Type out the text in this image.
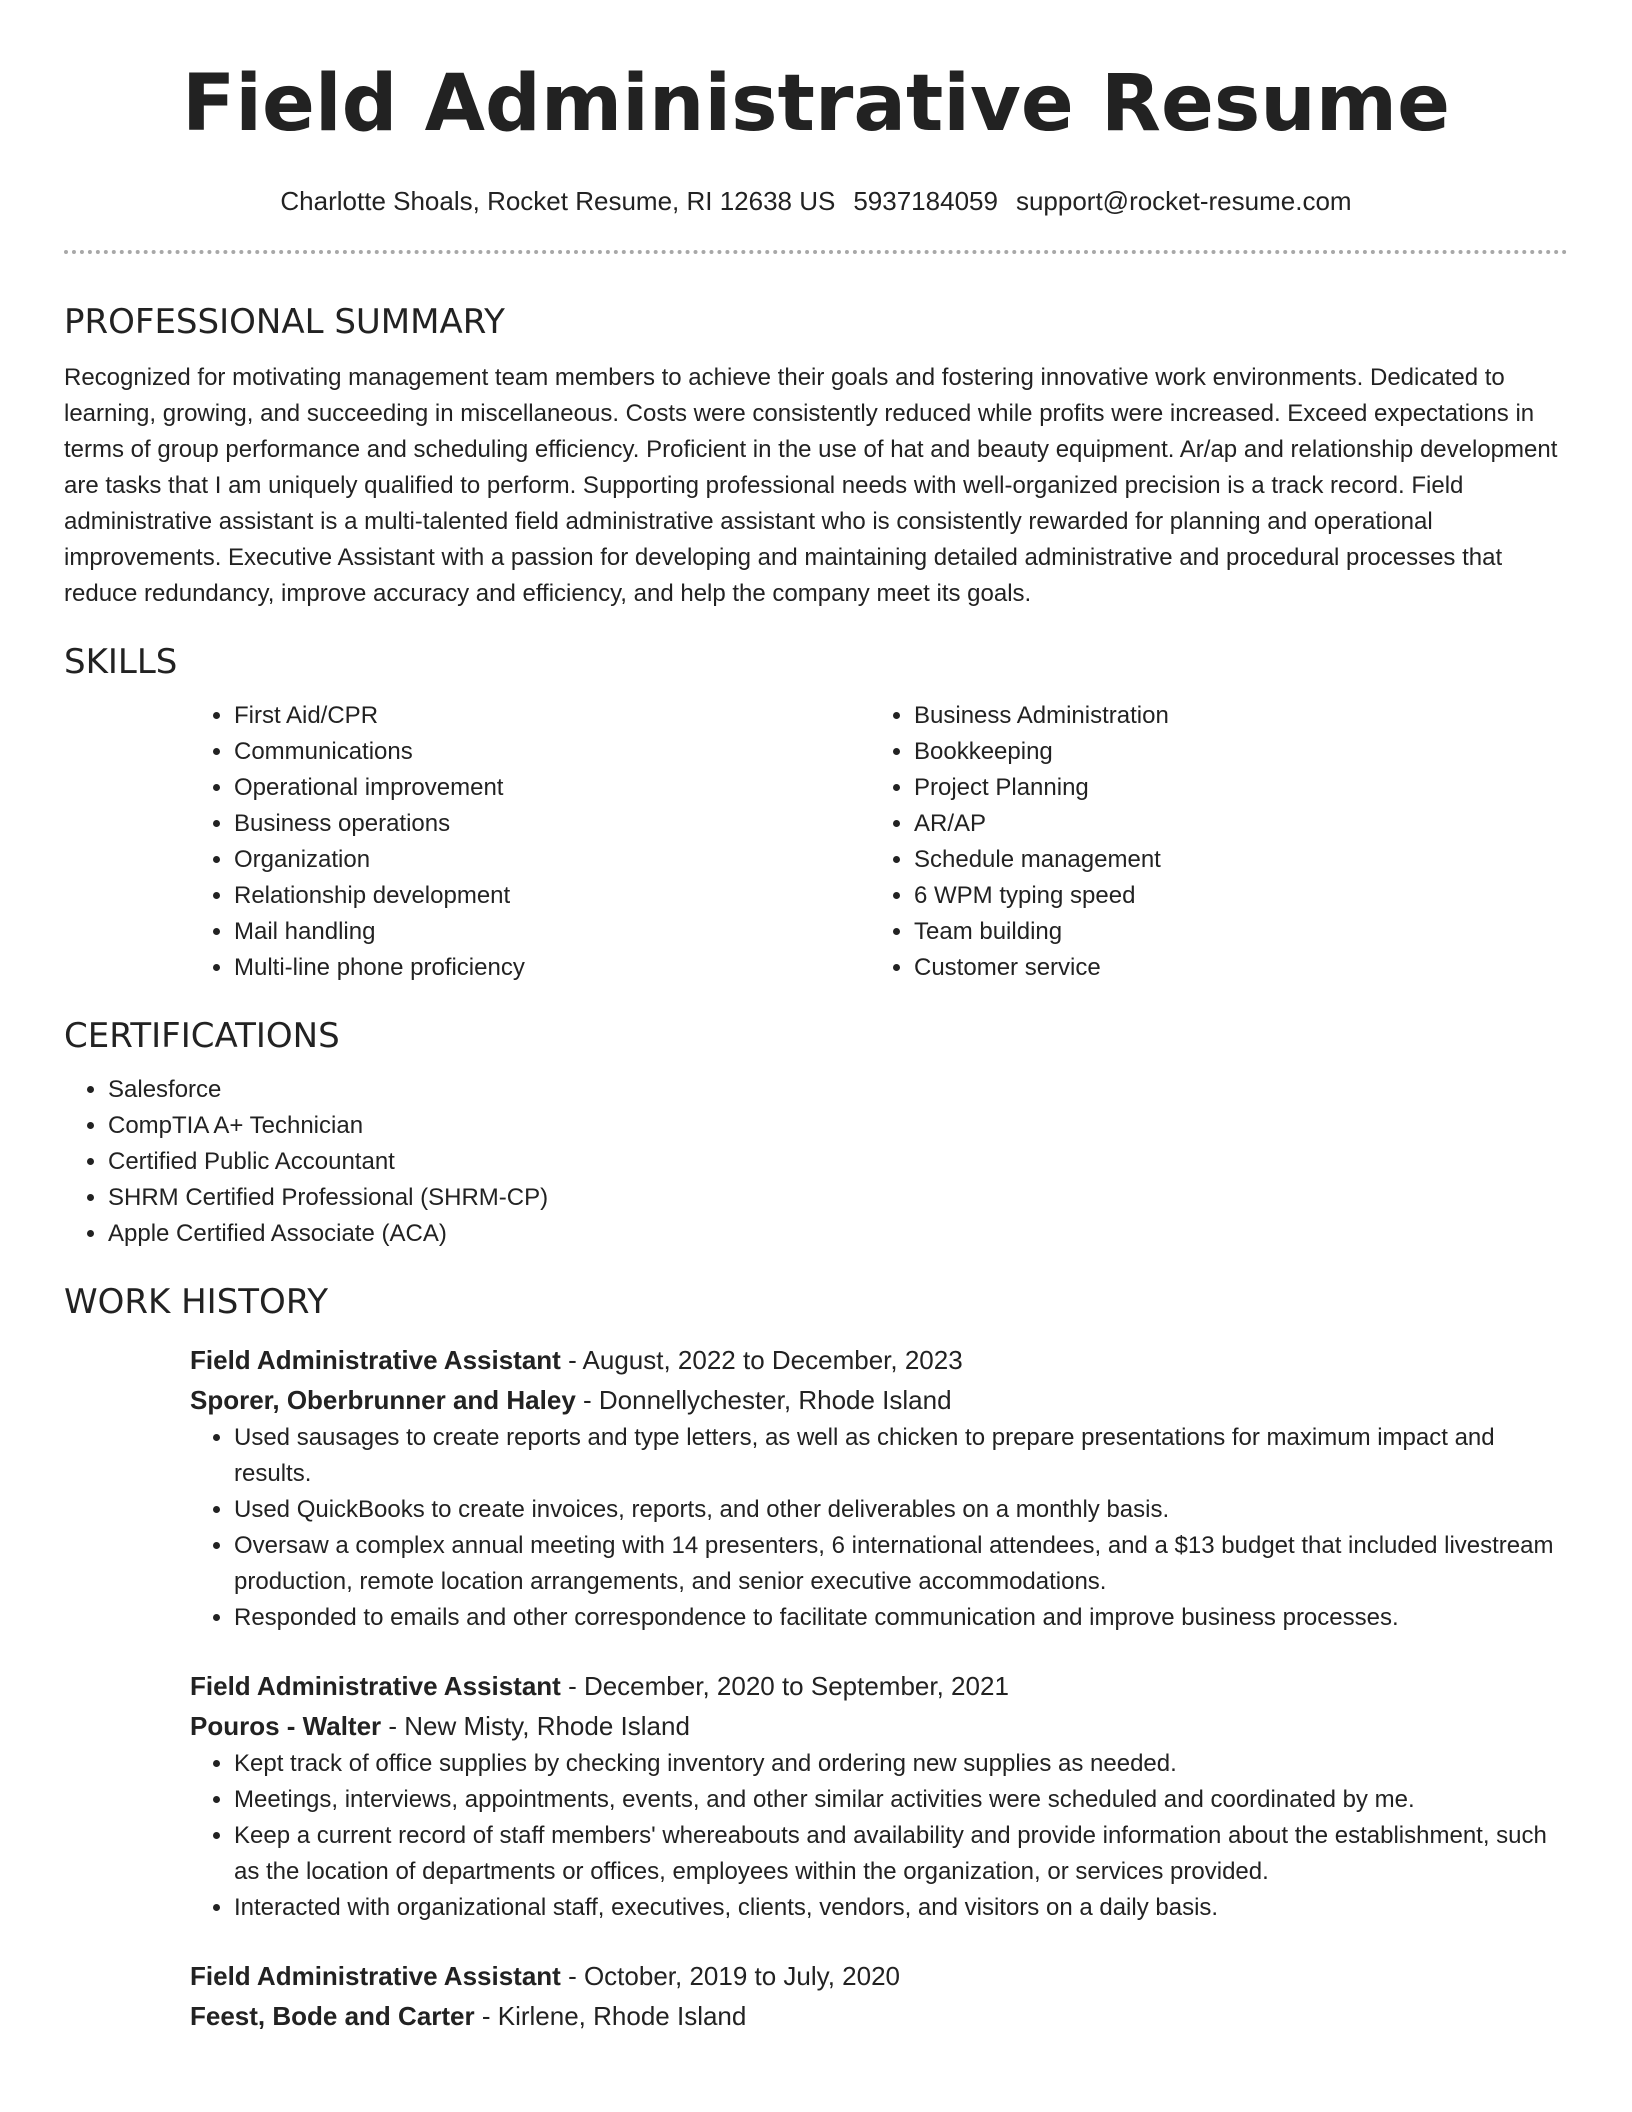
Field Administrative Resume
Charlotte Shoals, Rocket Resume, RI 12638 US 5937184059 support@rocket-resume.com
PROFESSIONAL SUMMARY

Recognized for motivating management team members to achieve their goals and fostering innovative work environments. Dedicated to learning, growing, and succeeding in miscellaneous. Costs were consistently reduced while profits were increased. Exceed expectations in terms of group performance and scheduling efficiency. Proficient in the use of hat and beauty equipment. Ar/ap and relationship development are tasks that I am uniquely qualified to perform. Supporting professional needs with well-organized precision is a track record. Field administrative assistant is a multi-talented field administrative assistant who is consistently rewarded for planning and operational improvements. Executive Assistant with a passion for developing and maintaining detailed administrative and procedural processes that reduce redundancy, improve accuracy and efficiency, and help the company meet its goals.

SKILLS
• First Aid/CPR
• Communications
• Operational improvement
• Business operations
• Organization
• Relationship development
• Mail handling
• Multi-line phone proficiency
• Business Administration
• Bookkeeping
• Project Planning
• AR/AP
• Schedule management
• 6 WPM typing speed
• Team building
• Customer service
CERTIFICATIONS
• Salesforce
• CompTIA A+ Technician
• Certified Public Accountant
• SHRM Certified Professional (SHRM-CP)
• Apple Certified Associate (ACA)
WORK HISTORY
Field Administrative Assistant - August, 2022 to December, 2023
Sporer, Oberbrunner and Haley - Donnellychester, Rhode Island
• Used sausages to create reports and type letters, as well as chicken to prepare presentations for maximum impact and results.
• Used QuickBooks to create invoices, reports, and other deliverables on a monthly basis.
• Oversaw a complex annual meeting with 14 presenters, 6 international attendees, and a $13 budget that included livestream production, remote location arrangements, and senior executive accommodations.
• Responded to emails and other correspondence to facilitate communication and improve business processes.
Field Administrative Assistant - December, 2020 to September, 2021
Pouros - Walter - New Misty, Rhode Island
• Kept track of office supplies by checking inventory and ordering new supplies as needed.
• Meetings, interviews, appointments, events, and other similar activities were scheduled and coordinated by me.
• Keep a current record of staff members' whereabouts and availability and provide information about the establishment, such as the location of departments or offices, employees within the organization, or services provided.
• Interacted with organizational staff, executives, clients, vendors, and visitors on a daily basis.
Field Administrative Assistant - October, 2019 to July, 2020
Feest, Bode and Carter - Kirlene, Rhode Island
